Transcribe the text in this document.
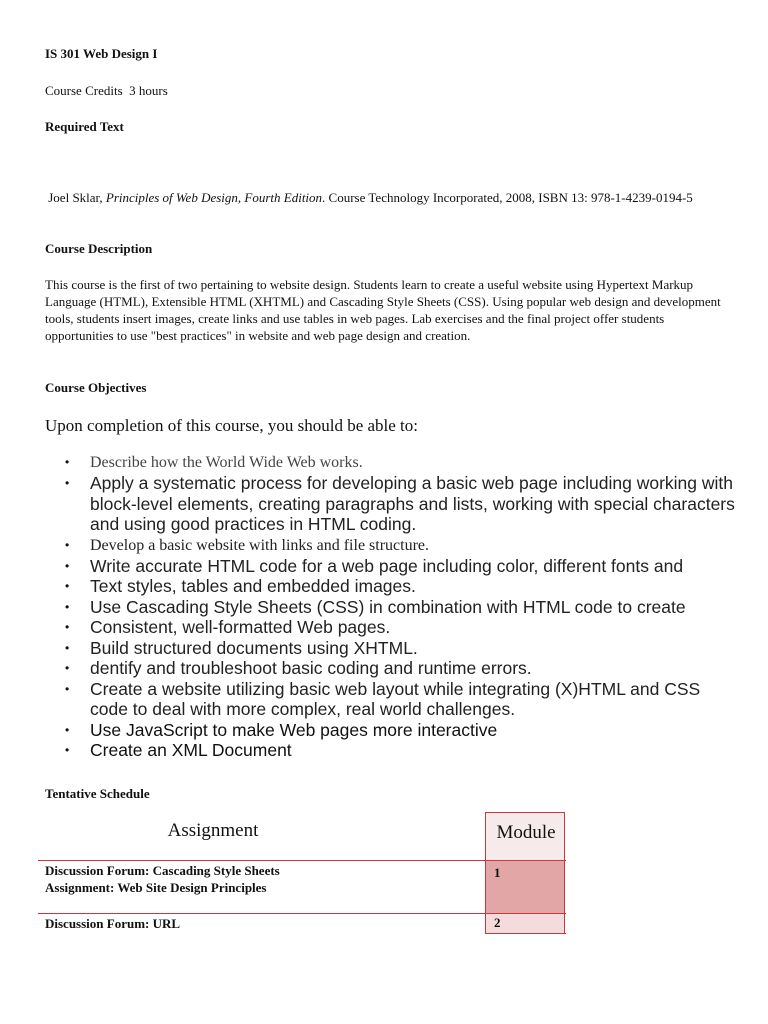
IS 301 Web Design I

Course Credits  3 hours

Required Text

Joel Sklar, Principles of Web Design, Fourth Edition. Course Technology Incorporated, 2008, ISBN 13: 978-1-4239-0194-5

Course Description

This course is the first of two pertaining to website design. Students learn to create a useful website using Hypertext Markup Language (HTML), Extensible HTML (XHTML) and Cascading Style Sheets (CSS). Using popular web design and development tools, students insert images, create links and use tables in web pages. Lab exercises and the final project offer students opportunities to use "best practices" in website and web page design and creation.

Course Objectives

Upon completion of this course, you should be able to:

• Describe how the World Wide Web works.
• Apply a systematic process for developing a basic web page including working with block-level elements, creating paragraphs and lists, working with special characters and using good practices in HTML coding.
• Develop a basic website with links and file structure.
• Write accurate HTML code for a web page including color, different fonts and
• Text styles, tables and embedded images.
• Use Cascading Style Sheets (CSS) in combination with HTML code to create
• Consistent, well-formatted Web pages.
• Build structured documents using XHTML.
• dentify and troubleshoot basic coding and runtime errors.
• Create a website utilizing basic web layout while integrating (X)HTML and CSS code to deal with more complex, real world challenges.
• Use JavaScript to make Web pages more interactive
• Create an XML Document

Tentative Schedule

Assignment	Module
1
Discussion Forum: Cascading Style Sheets
Assignment: Web Site Design Principles
2
Discussion Forum: URL
